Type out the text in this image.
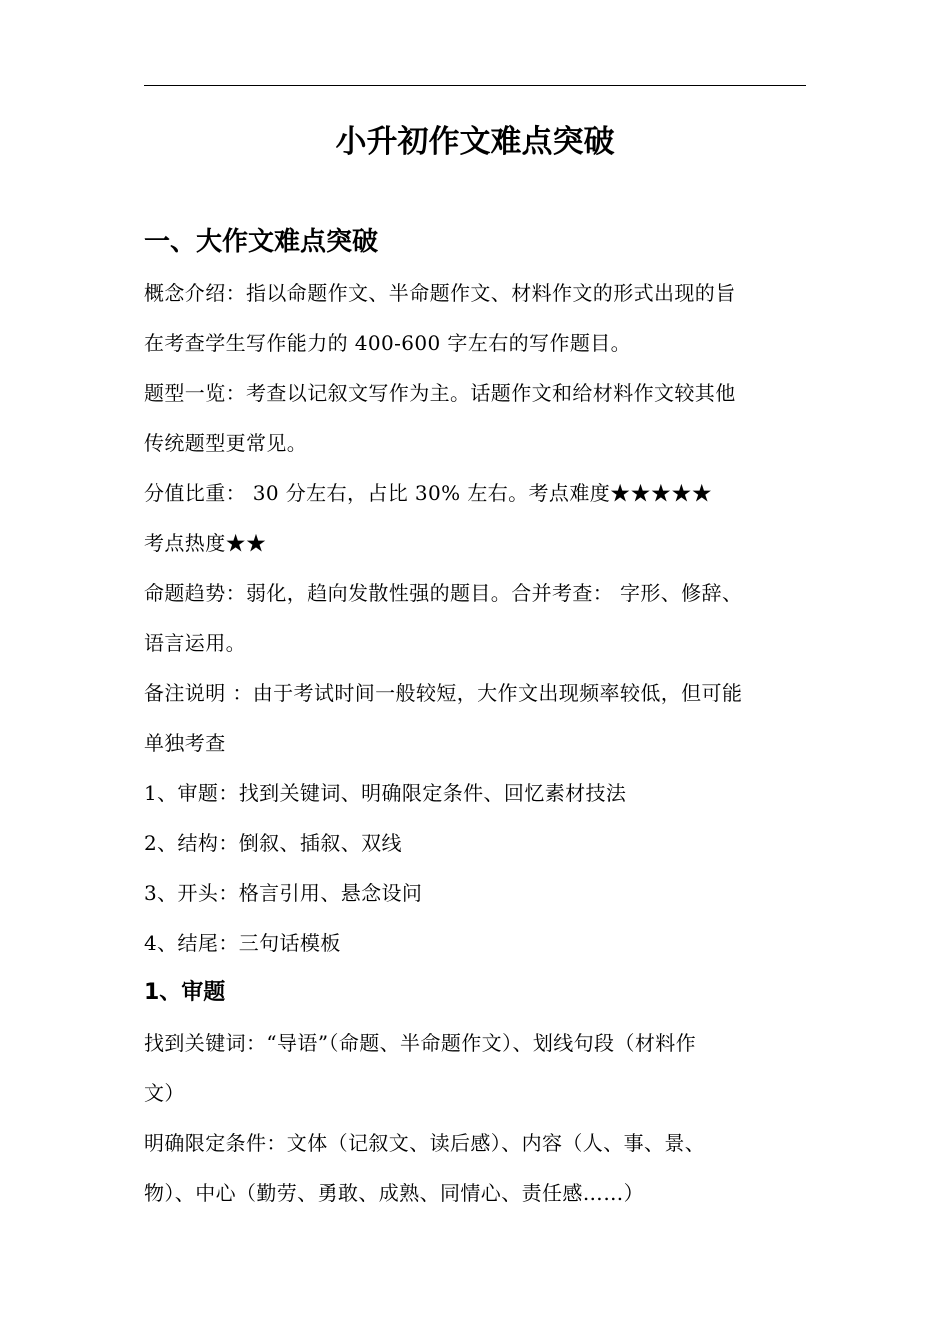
小升初作文难点突破
一、大作文难点突破
概念介绍：指以命题作文、半命题作文、材料作文的形式出现的旨
在考查学生写作能力的 400-600 字左右的写作题目。
题型一览：考查以记叙文写作为主。话题作文和给材料作文较其他
传统题型更常见。
分值比重： 30 分左右，占比 30% 左右。考点难度★★★★★
考点热度★★
命题趋势：弱化，趋向发散性强的题目。合并考查： 字形、修辞、
语言运用。
备注说明 ：由于考试时间一般较短，大作文出现频率较低，但可能
单独考查
1、审题：找到关键词、明确限定条件、回忆素材技法
2、结构：倒叙、插叙、双线
3、开头：格言引用、悬念设问
4、结尾：三句话模板
1、审题
找到关键词：“导语”（命题、半命题作文）、划线句段（材料作
文）
明确限定条件：文体（记叙文、读后感）、内容（人、事、景、
物）、中心（勤劳、勇敢、成熟、同情心、责任感……）
